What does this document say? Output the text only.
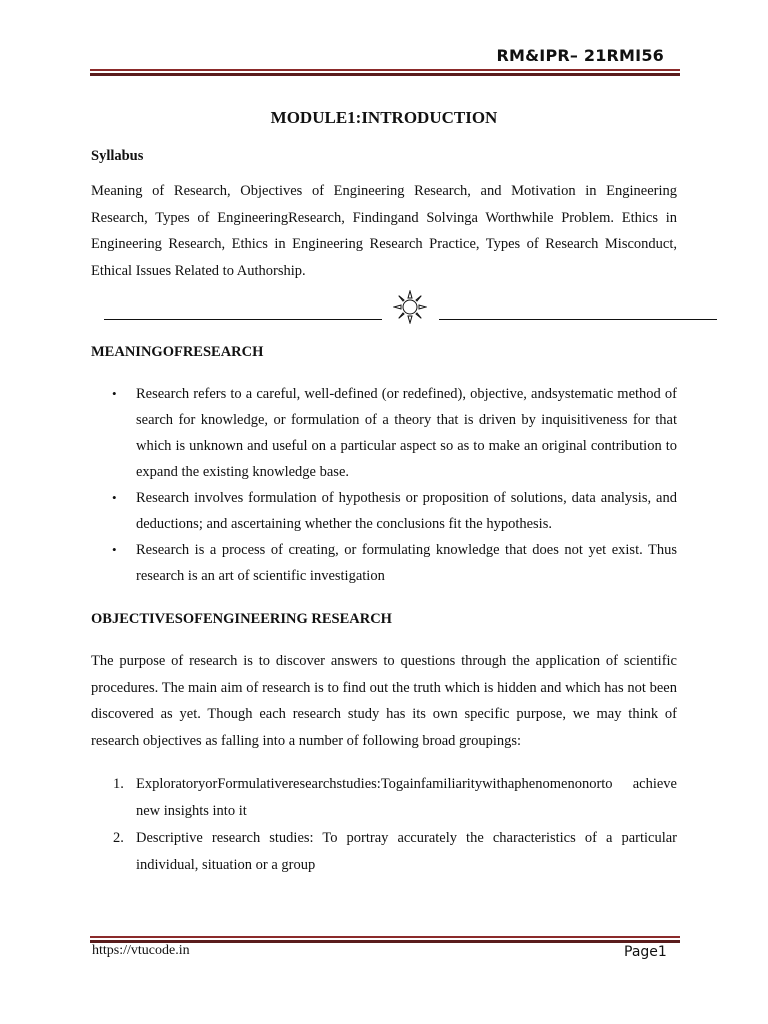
RM&IPR– 21RMI56
MODULE1:INTRODUCTION
Syllabus
Meaning of Research, Objectives of Engineering Research, and Motivation in Engineering Research, Types of EngineeringResearch, Findingand Solvinga Worthwhile Problem. Ethics in Engineering Research, Ethics in Engineering Research Practice, Types of Research Misconduct, Ethical Issues Related to Authorship.
MEANINGOFRESEARCH
• Research refers to a careful, well-defined (or redefined), objective, andsystematic method of search for knowledge, or formulation of a theory that is driven by inquisitiveness for that which is unknown and useful on a particular aspect so as to make an original contribution to expand the existing knowledge base.
• Research involves formulation of hypothesis or proposition of solutions, data analysis, and deductions; and ascertaining whether the conclusions fit the hypothesis.
• Research is a process of creating, or formulating knowledge that does not yet exist. Thus research is an art of scientific investigation
OBJECTIVESOFENGINEERING RESEARCH
The purpose of research is to discover answers to questions through the application of scientific procedures. The main aim of research is to find out the truth which is hidden and which has not been discovered as yet. Though each research study has its own specific purpose, we may think of research objectives as falling into a number of following broad groupings:
1. ExploratoryorFormulativeresearchstudies:Togainfamiliaritywithaphenomenonorto achieve new insights into it
2. Descriptive research studies: To portray accurately the characteristics of a particular individual, situation or a group
https://vtucode.in	Page1
